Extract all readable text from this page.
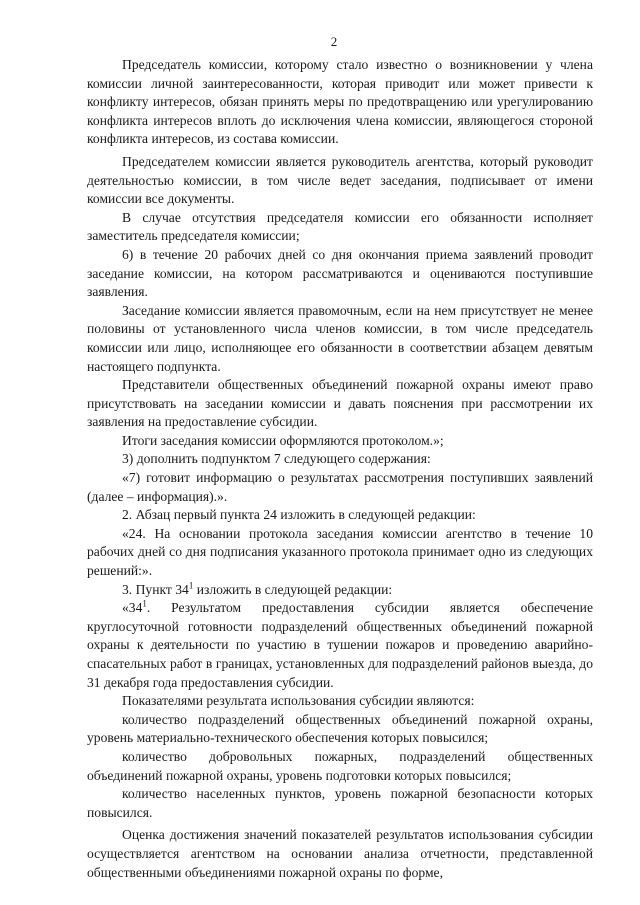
2

Председатель комиссии, которому стало известно о возникновении у члена комиссии личной заинтересованности, которая приводит или может привести к конфликту интересов, обязан принять меры по предотвращению или урегулированию конфликта интересов вплоть до исключения члена комиссии, являющегося стороной конфликта интересов, из состава комиссии.

Председателем комиссии является руководитель агентства, который руководит деятельностью комиссии, в том числе ведет заседания, подписывает от имени комиссии все документы.

В случае отсутствия председателя комиссии его обязанности исполняет заместитель председателя комиссии;

6) в течение 20 рабочих дней со дня окончания приема заявлений проводит заседание комиссии, на котором рассматриваются и оцениваются поступившие заявления.

Заседание комиссии является правомочным, если на нем присутствует не менее половины от установленного числа членов комиссии, в том числе председатель комиссии или лицо, исполняющее его обязанности в соответствии абзацем девятым настоящего подпункта.

Представители общественных объединений пожарной охраны имеют право присутствовать на заседании комиссии и давать пояснения при рассмотрении их заявления на предоставление субсидии.

Итоги заседания комиссии оформляются протоколом.»;

3) дополнить подпунктом 7 следующего содержания:

«7) готовит информацию о результатах рассмотрения поступивших заявлений (далее – информация).».

2. Абзац первый пункта 24 изложить в следующей редакции:

«24. На основании протокола заседания комиссии агентство в течение 10 рабочих дней со дня подписания указанного протокола принимает одно из следующих решений:».

3. Пункт $34^1$ изложить в следующей редакции:

«$34^1$. Результатом предоставления субсидии является обеспечение круглосуточной готовности подразделений общественных объединений пожарной охраны к деятельности по участию в тушении пожаров и проведению аварийно-спасательных работ в границах, установленных для подразделений районов выезда, до 31 декабря года предоставления субсидии.

Показателями результата использования субсидии являются:

количество подразделений общественных объединений пожарной охраны, уровень материально-технического обеспечения которых повысился;

количество добровольных пожарных, подразделений общественных объединений пожарной охраны, уровень подготовки которых повысился;

количество населенных пунктов, уровень пожарной безопасности которых повысился.

Оценка достижения значений показателей результатов использования субсидии осуществляется агентством на основании анализа отчетности, представленной общественными объединениями пожарной охраны по форме,
